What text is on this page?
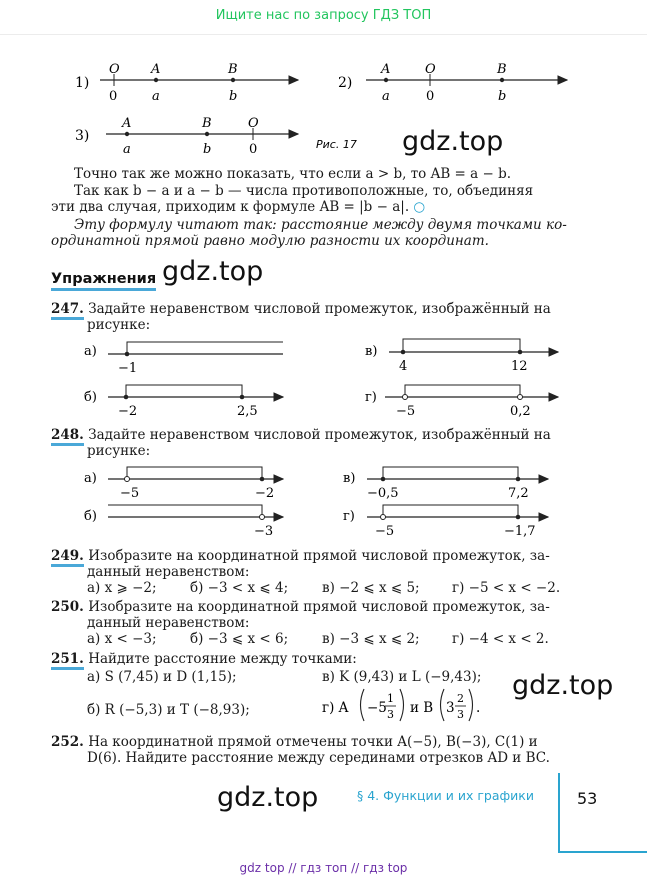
Ищите нас по запросу ГДЗ ТОП
1)
O
0
A
a
B
b
2)
A
a
O
0
B
b
3)
A
a
B
b
O
0	Рис. 17 gdz.top
Точно так же можно показать, что если a > b, то AB = a − b.
Так как b − a и a − b — числа противоположные, то, объединяя
эти два случая, приходим к формуле AB = |b − a|. ○
Эту формулу читают так: расстояние между двумя точками ко-
ординатной прямой равно модулю разности их координат.
Упражнения gdz.top
247. Задайте неравенством числовой промежуток, изображённый на
рисунке:
а)
−1
в)
4	12
б)
−2	2,5
г)
−5	0,2
248. Задайте неравенством числовой промежуток, изображённый на
рисунке:
а)
−5	−2
в)
−0,5	7,2
б)
−3
г)
−5	−1,7
249. Изобразите на координатной прямой числовой промежуток, за-
данный неравенством:
а) x ⩾ −2; б) −3 < x ⩽ 4;	в) −2 ⩽ x ⩽ 5; г) −5 < x < −2.
250. Изобразите на координатной прямой числовой промежуток, за-
данный неравенством:
а) x < −3; б) −3 ⩽ x < 6;	в) −3 ⩽ x ⩽ 2; г) −4 < x < 2.
251. Найдите расстояние между точками:
а) S (7,45) и D (1,15);	в) K (9,43) и L (−9,43); gdz.top
б) R (−5,3) и T (−8,93);	г) A −5
1
3 и B 3
2
3 .
252. На координатной прямой отмечены точки A(−5), B(−3), C(1) и
D(6). Найдите расстояние между серединами отрезков AD и BC.
gdz.top	§ 4. Функции и их графики	53
gdz top // гдз топ // гдз top
